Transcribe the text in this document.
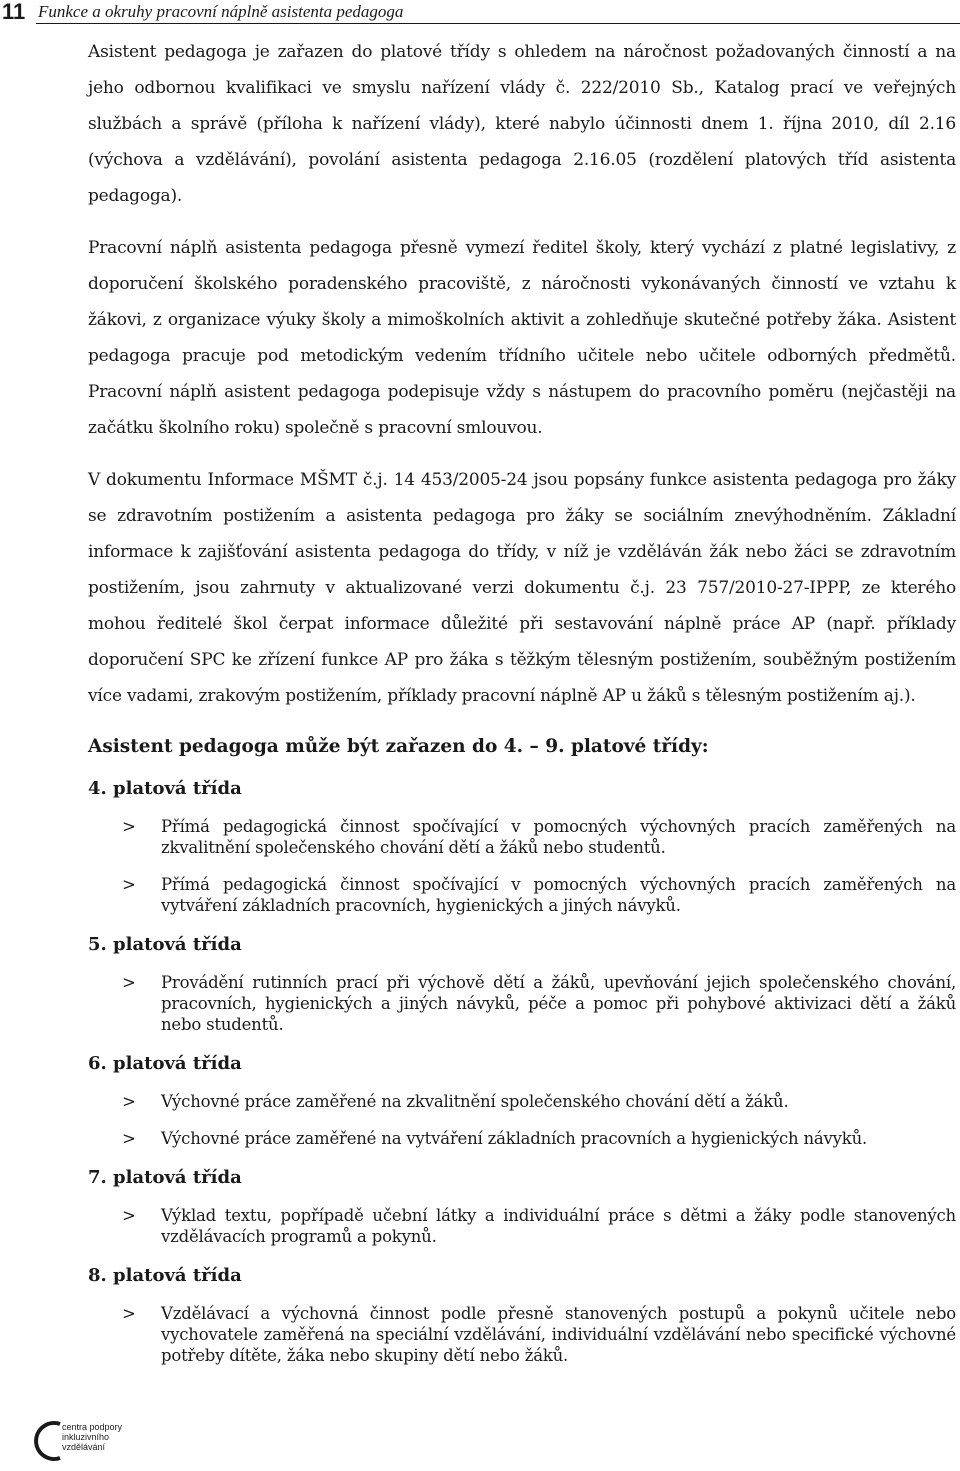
11 Funkce a okruhy pracovní náplně asistenta pedagoga

Asistent pedagoga je zařazen do platové třídy s ohledem na náročnost požadovaných činností a na jeho odbornou kvalifikaci ve smyslu nařízení vlády č. 222/2010 Sb., Katalog prací ve veřejných službách a správě (příloha k nařízení vlády), které nabylo účinnosti dnem 1. října 2010, díl 2.16 (výchova a vzdělávání), povolání asistenta pedagoga 2.16.05 (rozdělení platových tříd asistenta pedagoga).

Pracovní náplň asistenta pedagoga přesně vymezí ředitel školy, který vychází z platné legislativy, z doporučení školského poradenského pracoviště, z náročnosti vykonávaných činností ve vztahu k žákovi, z organizace výuky školy a mimoškolních aktivit a zohledňuje skutečné potřeby žáka. Asistent pedagoga pracuje pod metodickým vedením třídního učitele nebo učitele odborných předmětů. Pracovní náplň asistent pedagoga podepisuje vždy s nástupem do pracovního poměru (nejčastěji na začátku školního roku) společně s pracovní smlouvou.

V dokumentu Informace MŠMT č.j. 14 453/2005-24 jsou popsány funkce asistenta pedagoga pro žáky se zdravotním postižením a asistenta pedagoga pro žáky se sociálním znevýhodněním. Základní informace k zajišťování asistenta pedagoga do třídy, v níž je vzděláván žák nebo žáci se zdravotním postižením, jsou zahrnuty v aktualizované verzi dokumentu č.j. 23 757/2010-27-IPPP, ze kterého mohou ředitelé škol čerpat informace důležité při sestavování náplně práce AP (např. příklady doporučení SPC ke zřízení funkce AP pro žáka s těžkým tělesným postižením, souběžným postižením více vadami, zrakovým postižením, příklady pracovní náplně AP u žáků s tělesným postižením aj.).

Asistent pedagoga může být zařazen do 4. – 9. platové třídy:
4. platová třída
> Přímá pedagogická činnost spočívající v pomocných výchovných pracích zaměřených na zkvalitnění společenského chování dětí a žáků nebo studentů.
> Přímá pedagogická činnost spočívající v pomocných výchovných pracích zaměřených na vytváření základních pracovních, hygienických a jiných návyků.
5. platová třída
> Provádění rutinních prací při výchově dětí a žáků, upevňování jejich společenského chování, pracovních, hygienických a jiných návyků, péče a pomoc při pohybové aktivizaci dětí a žáků nebo studentů.
6. platová třída
> Výchovné práce zaměřené na zkvalitnění společenského chování dětí a žáků.
> Výchovné práce zaměřené na vytváření základních pracovních a hygienických návyků.
7. platová třída
> Výklad textu, popřípadě učební látky a individuální práce s dětmi a žáky podle stanovených vzdělávacích programů a pokynů.
8. platová třída
> Vzdělávací a výchovná činnost podle přesně stanovených postupů a pokynů učitele nebo vychovatele zaměřená na speciální vzdělávání, individuální vzdělávání nebo specifické výchovné potřeby dítěte, žáka nebo skupiny dětí nebo žáků.
centra podpory
inkluzivního vzdělávání
